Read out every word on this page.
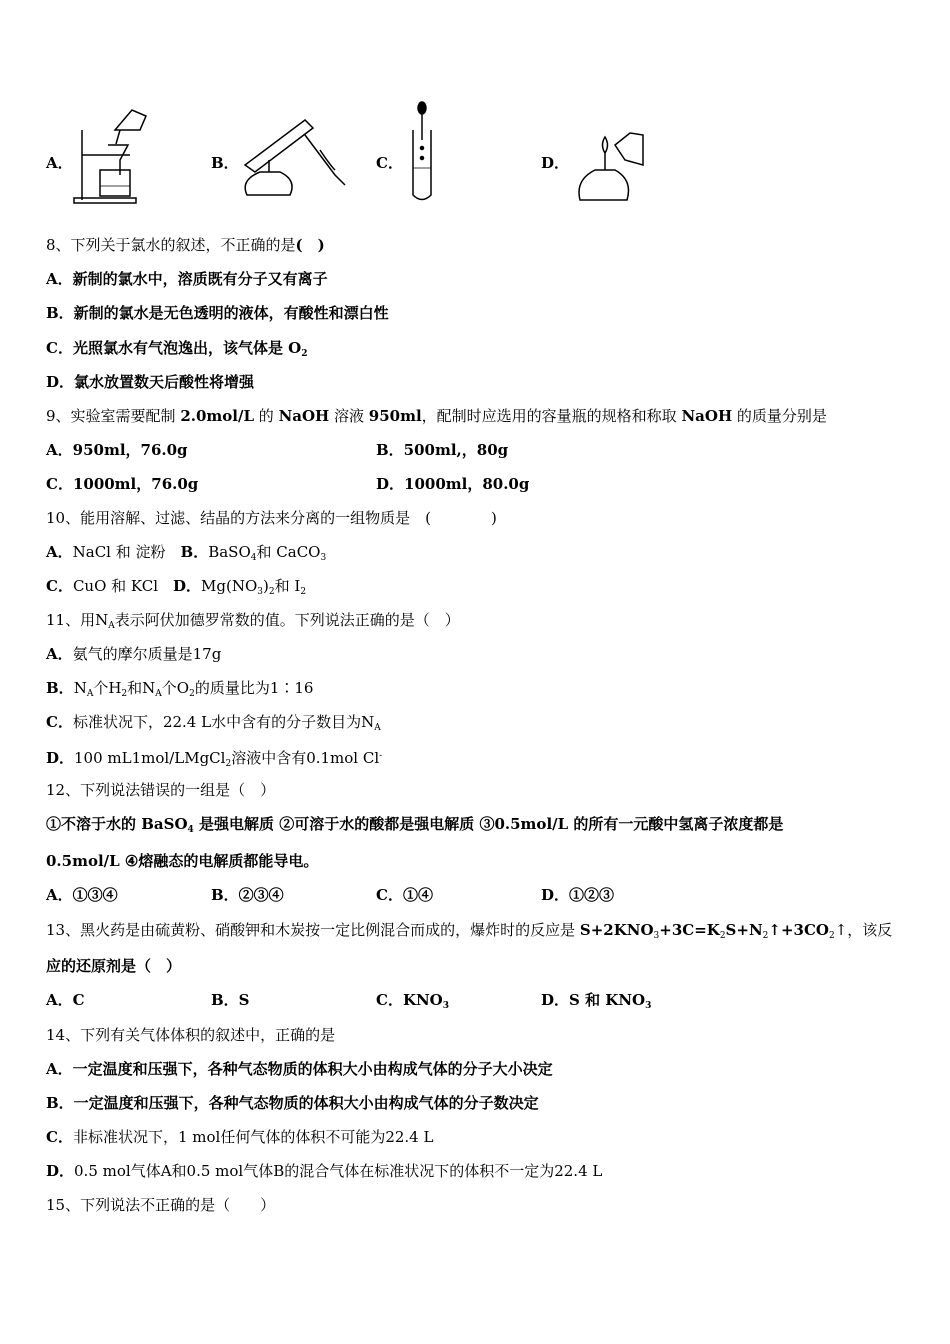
A．	B．	C．	D．
8、下列关于氯水的叙述，不正确的是(　)
A．新制的氯水中，溶质既有分子又有离子
B．新制的氯水是无色透明的液体，有酸性和漂白性
C．光照氯水有气泡逸出，该气体是 $O_2$
D．氯水放置数天后酸性将增强
9、实验室需要配制 2.0mol/L 的 NaOH 溶液 950ml，配制时应选用的容量瓶的规格和称取 NaOH 的质量分别是
10、能用溶解、过滤、结晶的方法来分离的一组物质是　(　　　　)
A．NaCl 和 淀粉　B．BaSO$_4$和 CaCO$_3$
C．CuO 和 KCl　D．$Mg(NO_3)_2$和 $I_2$
11、用$N_A$表示阿伏加德罗常数的值。下列说法正确的是（　）
A．氨气的摩尔质量是17g
B．$N_A$个$H_2$和$N_A$个$O_2$的质量比为1∶16
C．标准状况下，22.4 L水中含有的分子数目为$N_A$
D．100 mL1mol/LMgCl$_2$溶液中含有0.1mol Cl-
12、下列说法错误的一组是（　）
①不溶于水的 BaSO$_4$ 是强电解质 ②可溶于水的酸都是强电解质 ③0.5mol/L 的所有一元酸中氢离子浓度都是
0.5mol/L ④熔融态的电解质都能导电。
13、黑火药是由硫黄粉、硝酸钾和木炭按一定比例混合而成的，爆炸时的反应是 $S+2KNO_3+3C=K_2S+N_2↑+3CO_2↑$，该反
应的还原剂是（　）
14、下列有关气体体积的叙述中，正确的是
A．一定温度和压强下，各种气态物质的体积大小由构成气体的分子大小决定
B．一定温度和压强下，各种气态物质的体积大小由构成气体的分子数决定
C．非标准状况下，1 mol任何气体的体积不可能为22.4 L
D．0.5 mol气体A和0.5 mol气体B的混合气体在标准状况下的体积不一定为22.4 L
15、下列说法不正确的是（　　）
A．950ml，76.0g	B．500ml,，80g
C．1000ml，76.0g	D．1000ml，80.0g
A．①③④	B．②③④	C．①④	D．①②③
A．C	B．S	C．$KNO_3$	D．S 和 $KNO_3$
